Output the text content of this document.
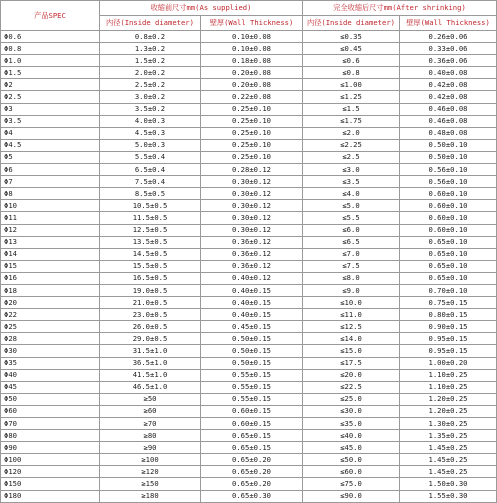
产品SPEC	收缩前尺寸mm(As supplied)		完全收缩后尺寸mm(After shrinking)	
	内径(Inside diameter)	壁厚(Wall Thickness)	内径(Inside diameter)	壁厚(Wall Thickness)
Φ0.6	0.8±0.2	0.10±0.08	≤0.35	0.26±0.06
Φ0.8	1.3±0.2	0.10±0.08	≤0.45	0.33±0.06
Φ1.0	1.5±0.2	0.18±0.08	≤0.6	0.36±0.06
Φ1.5	2.0±0.2	0.20±0.08	≤0.8	0.40±0.08
Φ2	2.5±0.2	0.20±0.08	≤1.00	0.42±0.08
Φ2.5	3.0±0.2	0.22±0.08	≤1.25	0.42±0.08
Φ3	3.5±0.2	0.25±0.10	≤1.5	0.46±0.08
Φ3.5	4.0±0.3	0.25±0.10	≤1.75	0.46±0.08
Φ4	4.5±0.3	0.25±0.10	≤2.0	0.48±0.08
Φ4.5	5.0±0.3	0.25±0.10	≤2.25	0.50±0.10
Φ5	5.5±0.4	0.25±0.10	≤2.5	0.50±0.10
Φ6	6.5±0.4	0.28±0.12	≤3.0	0.56±0.10
Φ7	7.5±0.4	0.30±0.12	≤3.5	0.56±0.10
Φ8	8.5±0.5	0.30±0.12	≤4.0	0.60±0.10
Φ10	10.5±0.5	0.30±0.12	≤5.0	0.60±0.10
Φ11	11.5±0.5	0.30±0.12	≤5.5	0.60±0.10
Φ12	12.5±0.5	0.30±0.12	≤6.0	0.60±0.10
Φ13	13.5±0.5	0.36±0.12	≤6.5	0.65±0.10
Φ14	14.5±0.5	0.36±0.12	≤7.0	0.65±0.10
Φ15	15.5±0.5	0.36±0.12	≤7.5	0.65±0.10
Φ16	16.5±0.5	0.40±0.12	≤8.0	0.65±0.10
Φ18	19.0±0.5	0.40±0.15	≤9.0	0.70±0.10
Φ20	21.0±0.5	0.40±0.15	≤10.0	0.75±0.15
Φ22	23.0±0.5	0.40±0.15	≤11.0	0.80±0.15
Φ25	26.0±0.5	0.45±0.15	≤12.5	0.90±0.15
Φ28	29.0±0.5	0.50±0.15	≤14.0	0.95±0.15
Φ30	31.5±1.0	0.50±0.15	≤15.0	0.95±0.15
Φ35	36.5±1.0	0.50±0.15	≤17.5	1.00±0.20
Φ40	41.5±1.0	0.55±0.15	≤20.0	1.10±0.25
Φ45	46.5±1.0	0.55±0.15	≤22.5	1.10±0.25
Φ50	≥50	0.55±0.15	≤25.0	1.20±0.25
Φ60	≥60	0.60±0.15	≤30.0	1.20±0.25
Φ70	≥70	0.60±0.15	≤35.0	1.30±0.25
Φ80	≥80	0.65±0.15	≤40.0	1.35±0.25
Φ90	≥90	0.65±0.15	≤45.0	1.45±0.25
Φ100	≥100	0.65±0.20	≤50.0	1.45±0.25
Φ120	≥120	0.65±0.20	≤60.0	1.45±0.25
Φ150	≥150	0.65±0.20	≤75.0	1.50±0.30
Φ180	≥180	0.65±0.30	≤90.0	1.55±0.30
